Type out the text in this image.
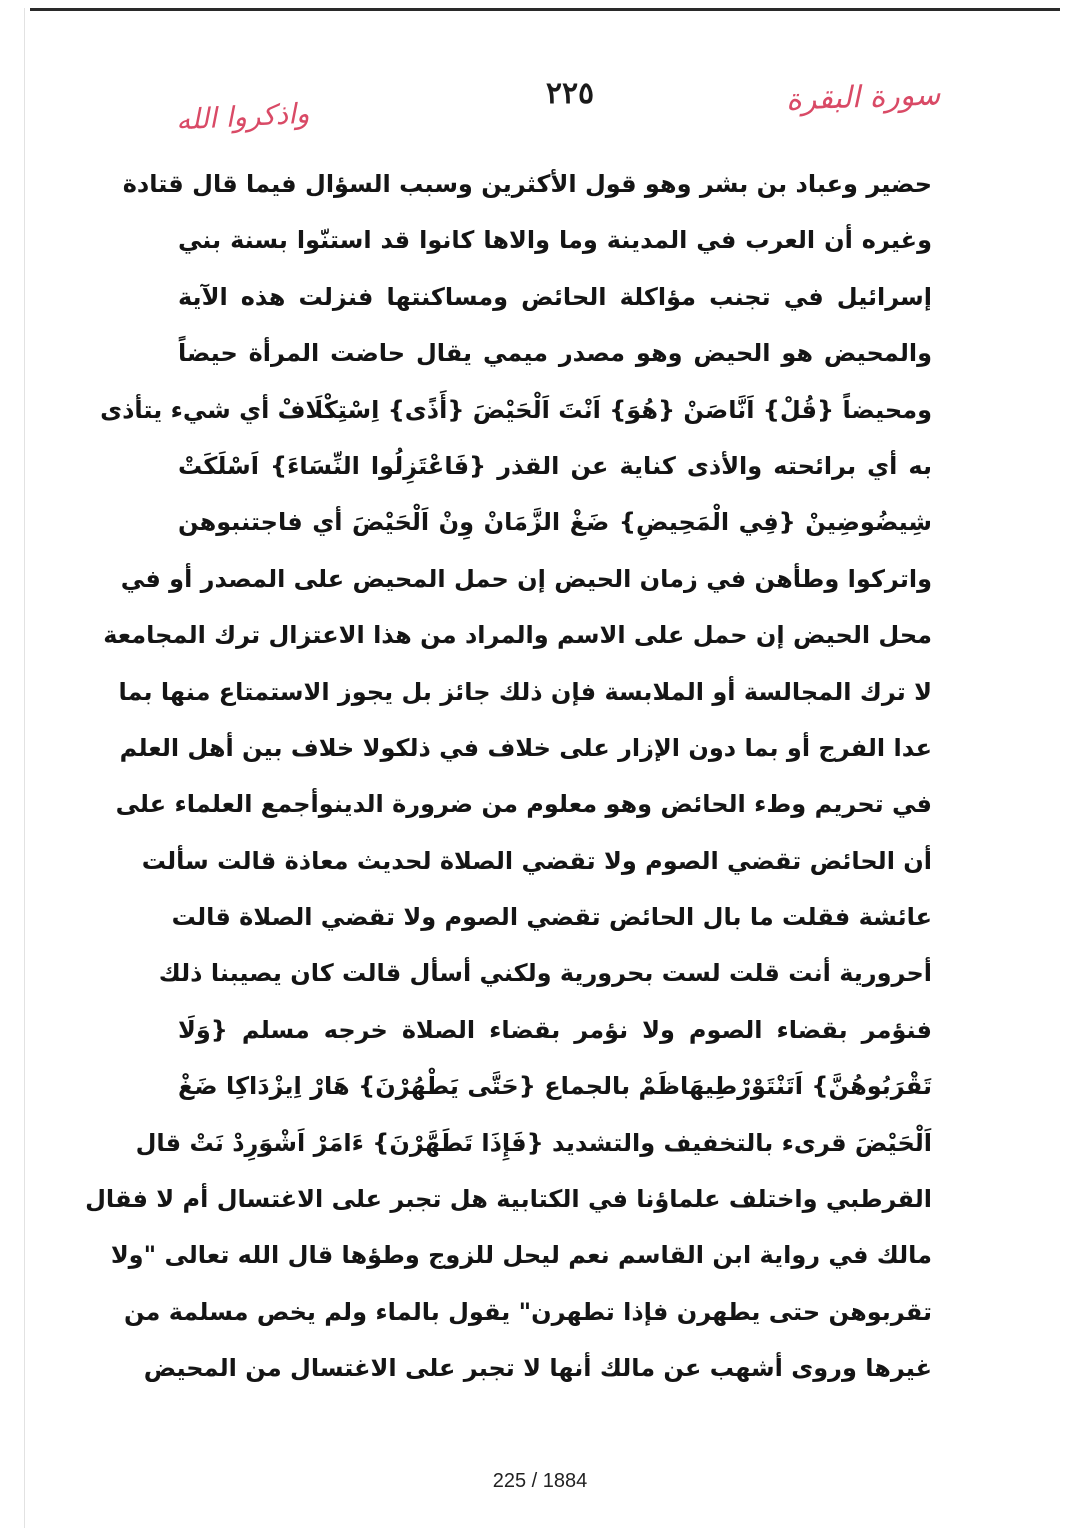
سورة البقرة
٢٢٥
واذكروا الله
حضير وعباد بن بشر وهو قول الأكثرين وسبب السؤال فيما قال قتادة
وغيره أن العرب في المدينة وما والاها كانوا قد استنّوا بسنة بني
إسرائيل في تجنب مؤاكلة الحائض ومساكنتها فنزلت هذه الآية
والمحيض هو الحيض وهو مصدر ميمي يقال حاضت المرأة حيضاً
ومحيضاً {قُلْ} اَنَّاصَنْ {هُوَ} اَنْتَ اَلْحَيْضَ {أَذًى} اِسْتِكْلَافْ أي شيء يتأذى
به أي برائحته والأذى كناية عن القذر {فَاعْتَزِلُوا النِّسَاءَ} اَسْلَكَتْ
شِيضُوضِينْ {فِي الْمَحِيضِ} ضَغْ الزَّمَانْ وِنْ اَلْحَيْضَ أي فاجتنبوهن
واتركوا وطأهن في زمان الحيض إن حمل المحيض على المصدر أو في
محل الحيض إن حمل على الاسم والمراد من هذا الاعتزال ترك المجامعة
لا ترك المجالسة أو الملابسة فإن ذلك جائز بل يجوز الاستمتاع منها بما
عدا الفرج أو بما دون الإزار على خلاف في ذلكولا خلاف بين أهل العلم
في تحريم وطء الحائض وهو معلوم من ضرورة الدينوأجمع العلماء على
أن الحائض تقضي الصوم ولا تقضي الصلاة لحديث معاذة قالت سألت
عائشة فقلت ما بال الحائض تقضي الصوم ولا تقضي الصلاة قالت
أحرورية أنت قلت لست بحرورية ولكني أسأل قالت كان يصيبنا ذلك
فنؤمر بقضاء الصوم ولا نؤمر بقضاء الصلاة خرجه مسلم {وَلَا
تَقْرَبُوهُنَّ} اَتَنْتَوْرْطِيهَاظَمْ بالجماع {حَتَّى يَطْهُرْنَ} هَارْ اِيزْدَاكِا ضَغْ
اَلْحَيْضَ قرىء بالتخفيف والتشديد {فَإِذَا تَطَهَّرْنَ} ءَامَرْ اَشْوَرِدْ نَتْ قال
القرطبي واختلف علماؤنا في الكتابية هل تجبر على الاغتسال أم لا فقال
مالك في رواية ابن القاسم نعم ليحل للزوج وطؤها قال الله تعالى "ولا
تقربوهن حتى يطهرن فإذا تطهرن" يقول بالماء ولم يخص مسلمة من
غيرها وروى أشهب عن مالك أنها لا تجبر على الاغتسال من المحيض
225 / 1884
